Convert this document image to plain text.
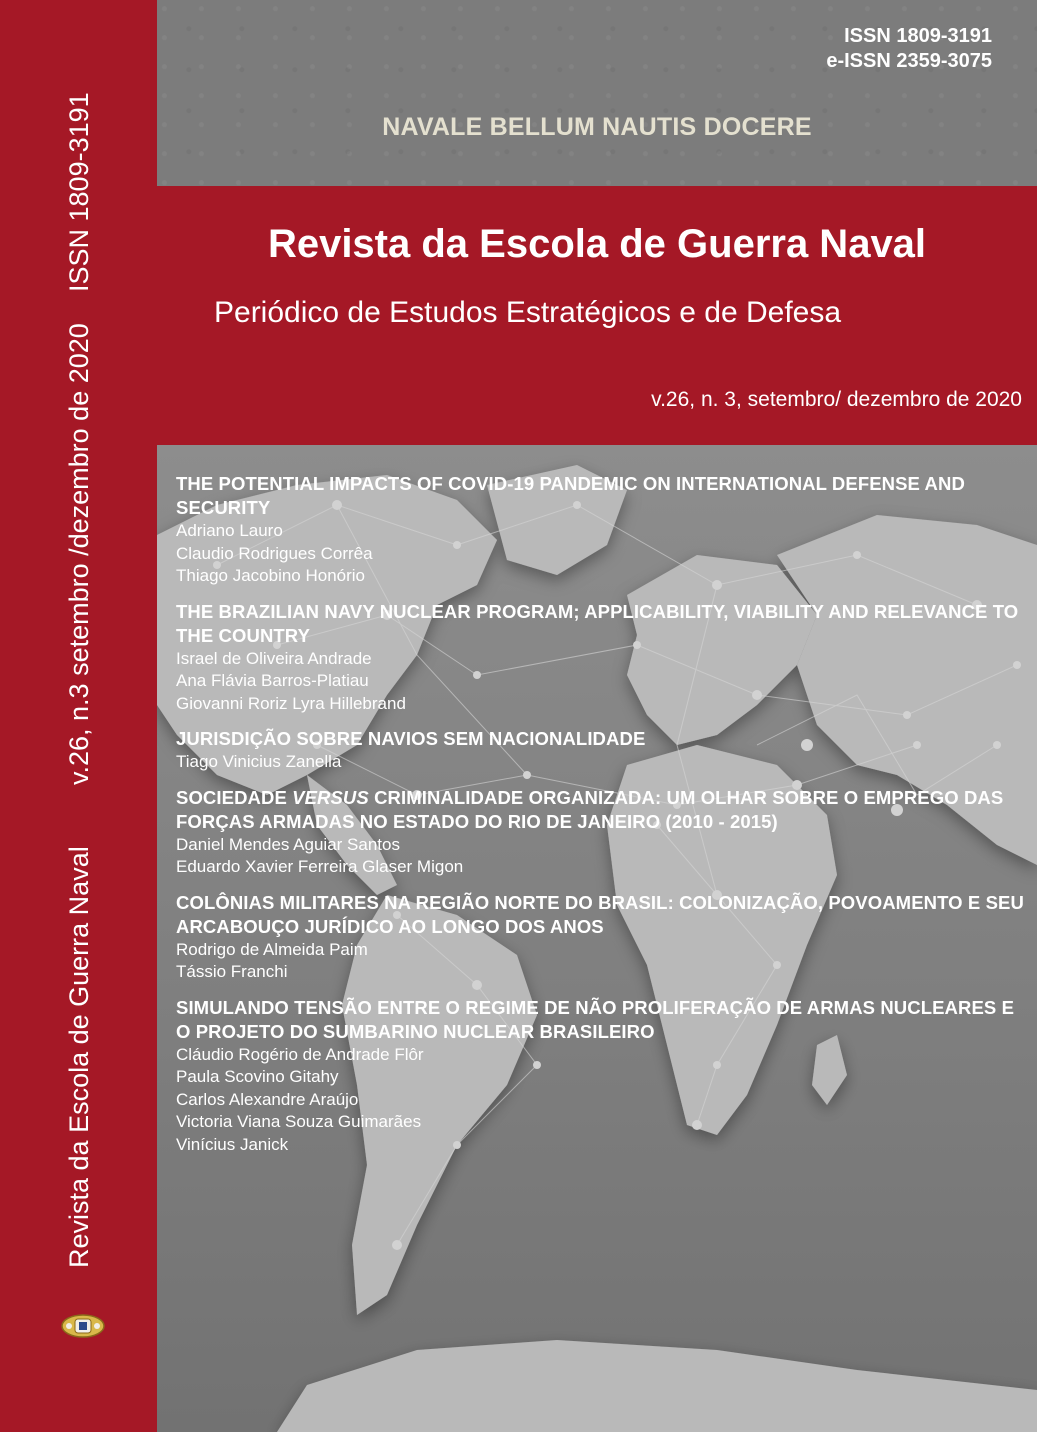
ISSN 1809-3191
v.26, n.3 setembro /dezembro de 2020
Revista da Escola de Guerra Naval
ISSN 1809-3191
e-ISSN 2359-3075
NAVALE BELLUM NAUTIS DOCERE
Revista da Escola de Guerra Naval
Periódico de Estudos Estratégicos e de Defesa
v.26, n. 3, setembro/ dezembro de 2020
THE POTENTIAL IMPACTS OF COVID-19 PANDEMIC ON INTERNATIONAL DEFENSE AND SECURITY
Adriano Lauro
Claudio Rodrigues Corrêa
Thiago Jacobino Honório
THE BRAZILIAN NAVY NUCLEAR PROGRAM; APPLICABILITY, VIABILITY AND RELEVANCE TO THE COUNTRY
Israel de Oliveira Andrade
Ana Flávia Barros-Platiau
Giovanni Roriz Lyra Hillebrand
JURISDIÇÃO SOBRE NAVIOS SEM NACIONALIDADE
Tiago Vinicius Zanella
SOCIEDADE VERSUS CRIMINALIDADE ORGANIZADA: UM OLHAR SOBRE O EMPREGO DAS FORÇAS ARMADAS NO ESTADO DO RIO DE JANEIRO (2010 - 2015)
Daniel Mendes Aguiar Santos
Eduardo Xavier Ferreira Glaser Migon
COLÔNIAS MILITARES NA REGIÃO NORTE DO BRASIL: COLONIZAÇÃO, POVOAMENTO E SEU ARCABOUÇO JURÍDICO AO LONGO DOS ANOS
Rodrigo de Almeida Paim
Tássio Franchi
SIMULANDO TENSÃO ENTRE O REGIME DE NÃO PROLIFERAÇÃO DE ARMAS NUCLEARES E O PROJETO DO SUMBARINO NUCLEAR BRASILEIRO
Cláudio Rogério de Andrade Flôr
Paula Scovino Gitahy
Carlos Alexandre Araújo
Victoria Viana Souza Guimarães
Vinícius Janick
